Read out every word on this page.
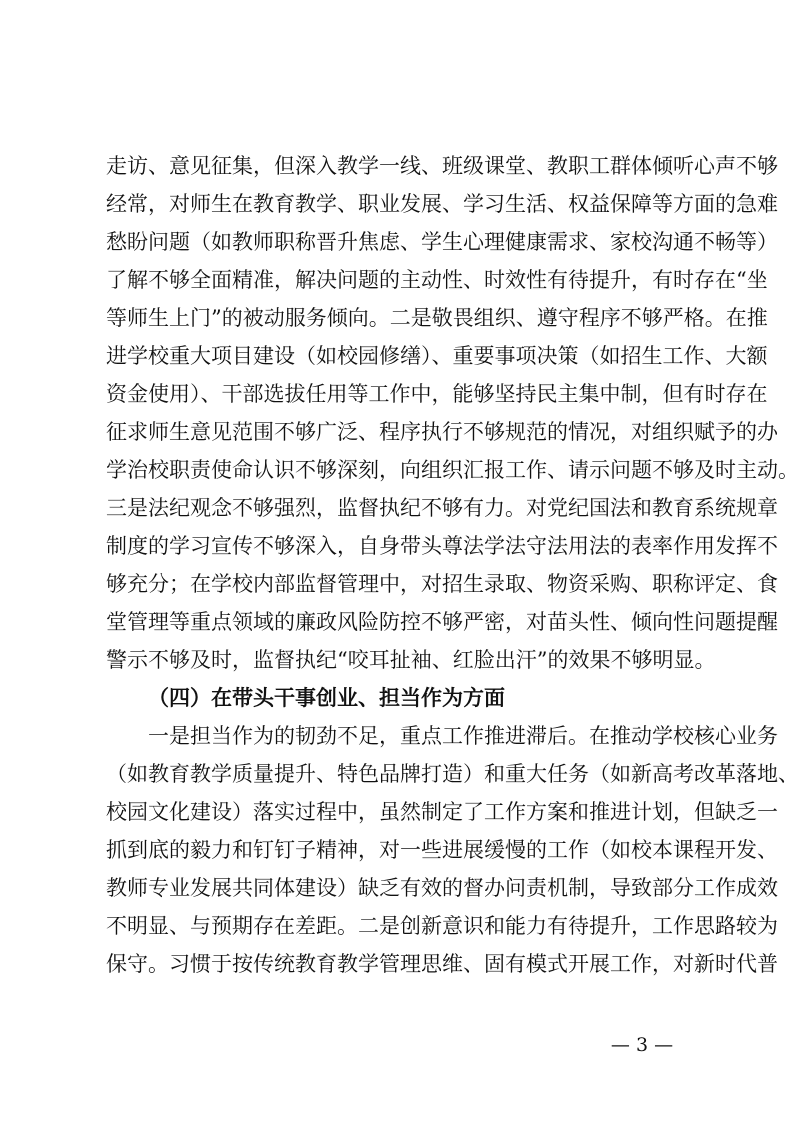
走访、意见征集，但深入教学一线、班级课堂、教职工群体倾听心声不够
经常，对师生在教育教学、职业发展、学习生活、权益保障等方面的急难
愁盼问题（如教师职称晋升焦虑、学生心理健康需求、家校沟通不畅等）
了解不够全面精准，解决问题的主动性、时效性有待提升，有时存在“坐
等师生上门”的被动服务倾向。二是敬畏组织、遵守程序不够严格。在推
进学校重大项目建设（如校园修缮）、重要事项决策（如招生工作、大额
资金使用）、干部选拔任用等工作中，能够坚持民主集中制，但有时存在
征求师生意见范围不够广泛、程序执行不够规范的情况，对组织赋予的办
学治校职责使命认识不够深刻，向组织汇报工作、请示问题不够及时主动。
三是法纪观念不够强烈，监督执纪不够有力。对党纪国法和教育系统规章
制度的学习宣传不够深入，自身带头尊法学法守法用法的表率作用发挥不
够充分；在学校内部监督管理中，对招生录取、物资采购、职称评定、食
堂管理等重点领域的廉政风险防控不够严密，对苗头性、倾向性问题提醒
警示不够及时，监督执纪“咬耳扯袖、红脸出汗”的效果不够明显。
（四）在带头干事创业、担当作为方面
一是担当作为的韧劲不足，重点工作推进滞后。在推动学校核心业务
（如教育教学质量提升、特色品牌打造）和重大任务（如新高考改革落地、
校园文化建设）落实过程中，虽然制定了工作方案和推进计划，但缺乏一
抓到底的毅力和钉钉子精神，对一些进展缓慢的工作（如校本课程开发、
教师专业发展共同体建设）缺乏有效的督办问责机制，导致部分工作成效
不明显、与预期存在差距。二是创新意识和能力有待提升，工作思路较为
保守。习惯于按传统教育教学管理思维、固有模式开展工作，对新时代普
— 3 —
